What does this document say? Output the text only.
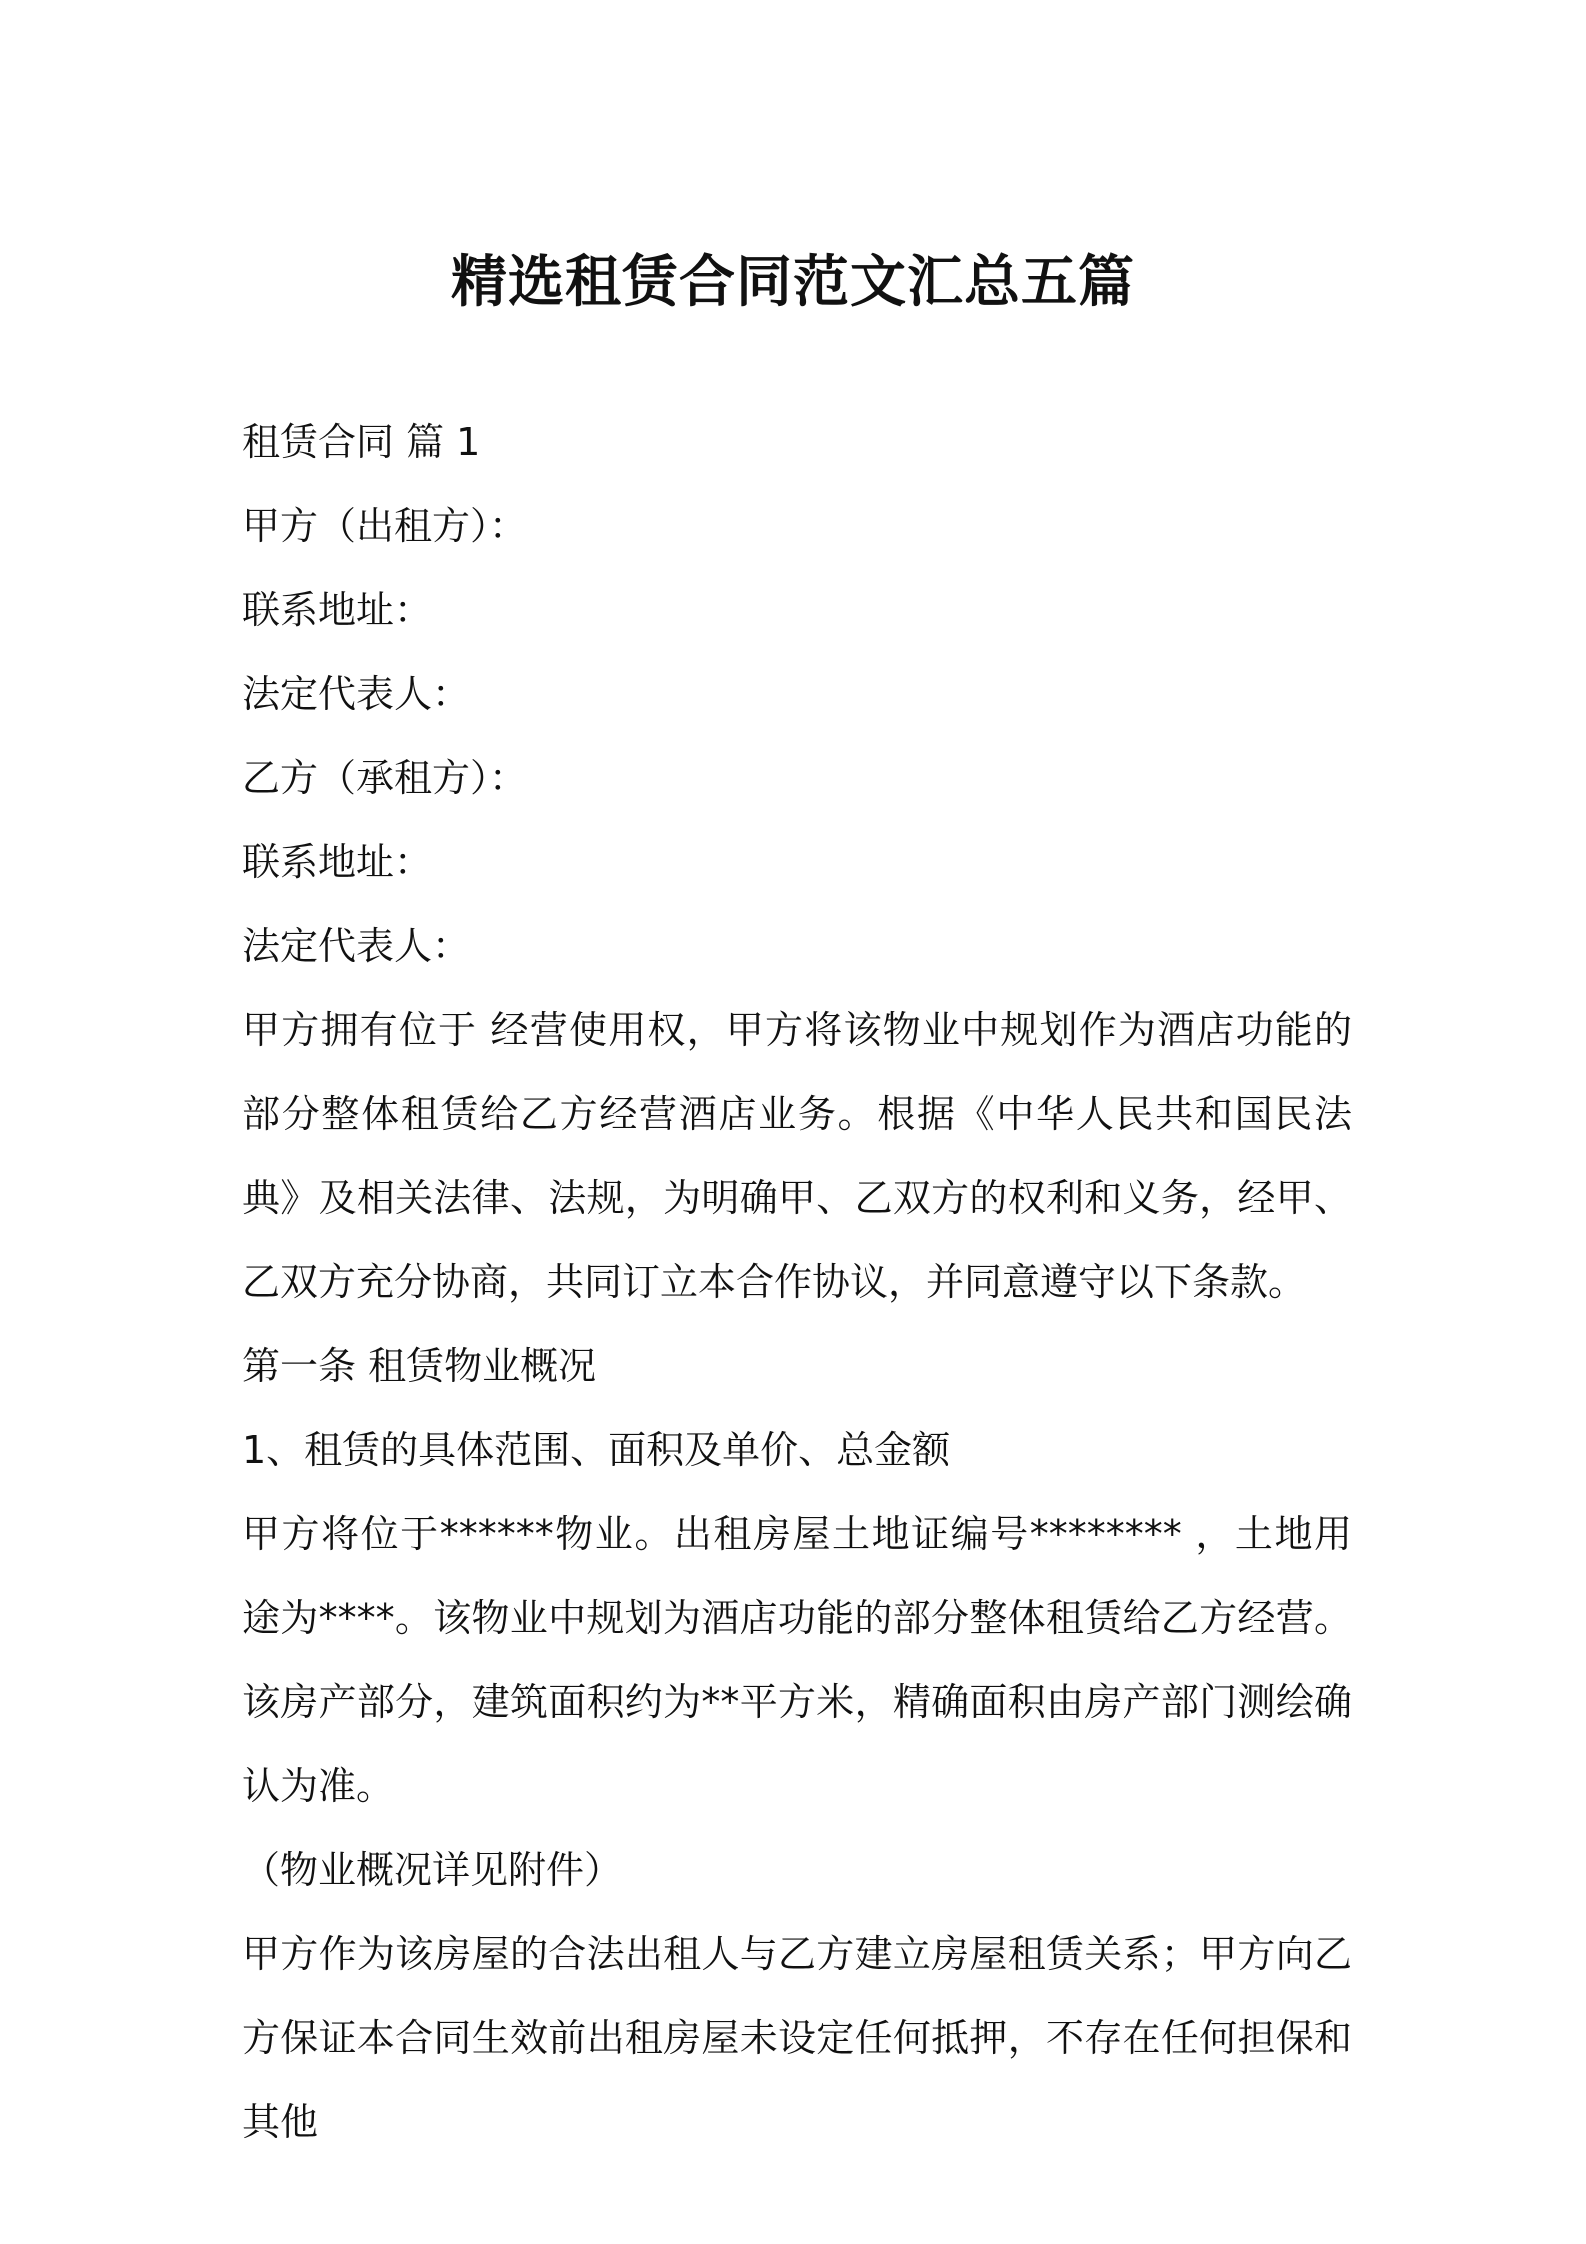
精选租赁合同范文汇总五篇

租赁合同 篇 1

甲方（出租方）：

联系地址：

法定代表人：

乙方（承租方）：

联系地址：

法定代表人：

甲方拥有位于 经营使用权，甲方将该物业中规划作为酒店功能的部分整体租赁给乙方经营酒店业务。根据《中华人民共和国民法典》及相关法律、法规，为明确甲、乙双方的权利和义务，经甲、乙双方充分协商，共同订立本合作协议，并同意遵守以下条款。

第一条 租赁物业概况

1、租赁的具体范围、面积及单价、总金额

甲方将位于******物业。出租房屋土地证编号******** ，土地用途为****。该物业中规划为酒店功能的部分整体租赁给乙方经营。该房产部分，建筑面积约为**平方米，精确面积由房产部门测绘确认为准。

（物业概况详见附件）

甲方作为该房屋的合法出租人与乙方建立房屋租赁关系；甲方向乙方保证本合同生效前出租房屋未设定任何抵押，不存在任何担保和其他
